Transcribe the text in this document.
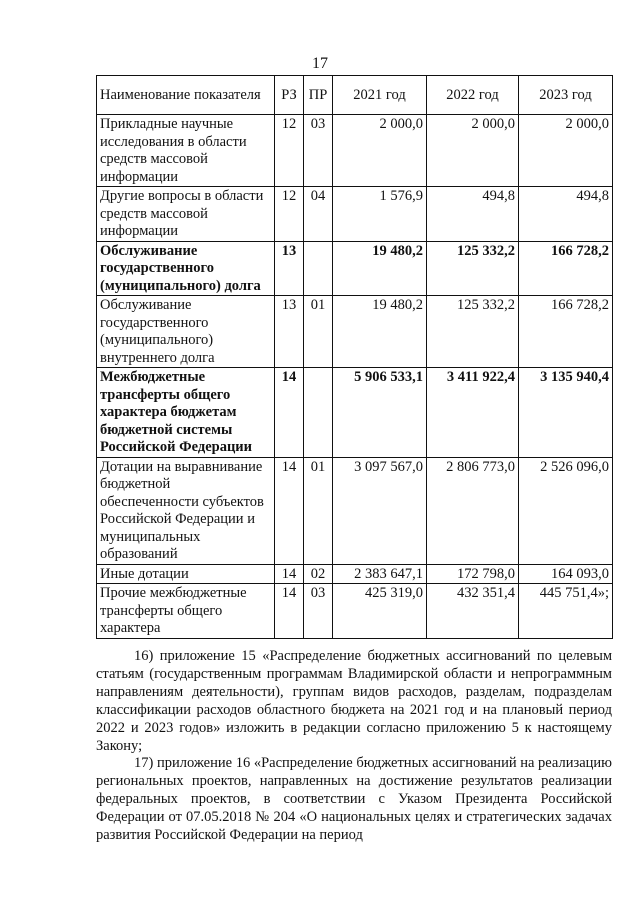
17
Наименование показателя	РЗ	ПР	2021 год	2022 год	2023 год
Прикладные научные исследования в области средств массовой информации	12	03	2 000,0	2 000,0	2 000,0
Другие вопросы в области средств массовой информации	12	04	1 576,9	494,8	494,8
Обслуживание государственного (муниципального) долга	13		19 480,2	125 332,2	166 728,2
Обслуживание государственного (муниципального) внутреннего долга	13	01	19 480,2	125 332,2	166 728,2
Межбюджетные трансферты общего характера бюджетам бюджетной системы Российской Федерации	14		5 906 533,1	3 411 922,4	3 135 940,4
Дотации на выравнивание бюджетной обеспеченности субъектов Российской Федерации и муниципальных образований	14	01	3 097 567,0	2 806 773,0	2 526 096,0
Иные дотации	14	02	2 383 647,1	172 798,0	164 093,0
Прочие межбюджетные трансферты общего характера	14	03	425 319,0	432 351,4	445 751,4»;

16) приложение 15 «Распределение бюджетных ассигнований по целевым статьям (государственным программам Владимирской области и непрограммным направлениям деятельности), группам видов расходов, разделам, подразделам классификации расходов областного бюджета на 2021 год и на плановый период 2022 и 2023 годов» изложить в редакции согласно приложению 5 к настоящему Закону;

17) приложение 16 «Распределение бюджетных ассигнований на реализацию региональных проектов, направленных на достижение результатов реализации федеральных проектов, в соответствии с Указом Президента Российской Федерации от 07.05.2018 № 204 «О национальных целях и стратегических задачах развития Российской Федерации на период
